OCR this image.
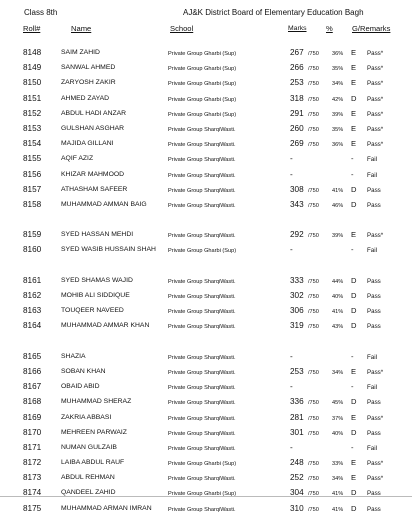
Class 8th	AJ&K District Board of Elementary Education Bagh
Roll#	Name	School	Marks	%	G/Remarks
8148	SAIM ZAHID	Private Group Gharbi (Sup)	267 /750 36% E Pass*
8149	SANWAL AHMED	Private Group Gharbi (Sup)	266 /750 35% E Pass*
8150	ZARYOSH ZAKIR	Private Group Gharbi (Sup)	253 /750 34% E Pass*
8151	AHMED ZAYAD	Private Group Gharbi (Sup)	318 /750 42% D Pass*
8152	ABDUL HADI ANZAR	Private Group Gharbi (Sup)	291 /750 39% E Pass*
8153	GULSHAN ASGHAR	Private Group SharqiWasti.	260 /750 35% E Pass*
8154	MAJIDA GILLANI	Private Group SharqiWasti.	269 /750 36% E Pass*
8155	AQIF AZIZ	Private Group SharqiWasti.	-	- Fail
8156	KHIZAR MAHMOOD	Private Group SharqiWasti.	-	- Fail
8157	ATHASHAM SAFEER	Private Group SharqiWasti.	308 /750 41% D Pass
8158	MUHAMMAD AMMAN BAIG	Private Group SharqiWasti.	343 /750 46% D Pass
8159	SYED HASSAN MEHDI	Private Group SharqiWasti.	292 /750 39% E Pass*
8160	SYED WASIB HUSSAIN SHAH	Private Group Gharbi (Sup)	-	- Fail
8161	SYED SHAMAS WAJID	Private Group SharqiWasti.	333 /750 44% D Pass
8162	MOHIB ALI SIDDIQUE	Private Group SharqiWasti.	302 /750 40% D Pass
8163	TOUQEER NAVEED	Private Group SharqiWasti.	306 /750 41% D Pass
8164	MUHAMMAD AMMAR KHAN	Private Group SharqiWasti.	319 /750 43% D Pass
8165	SHAZIA	Private Group SharqiWasti.	-	- Fail
8166	SOBAN KHAN	Private Group SharqiWasti.	253 /750 34% E Pass*
8167	OBAID ABID	Private Group SharqiWasti.	-	- Fail
8168	MUHAMMAD SHERAZ	Private Group SharqiWasti.	336 /750 45% D Pass
8169	ZAKRIA ABBASI	Private Group SharqiWasti.	281 /750 37% E Pass*
8170	MEHREEN PARWAIZ	Private Group SharqiWasti.	301 /750 40% D Pass
8171	NUMAN GULZAIB	Private Group SharqiWasti.	-	- Fail
8172	LAIBA ABDUL RAUF	Private Group Gharbi (Sup)	248 /750 33% E Pass*
8173	ABDUL REHMAN	Private Group SharqiWasti.	252 /750 34% E Pass*
8174	QANDEEL ZAHID	Private Group Gharbi (Sup)	304 /750 41% D Pass
8175	MUHAMMAD ARMAN IMRAN	Private Group SharqiWasti.	310 /750 41% D Pass
